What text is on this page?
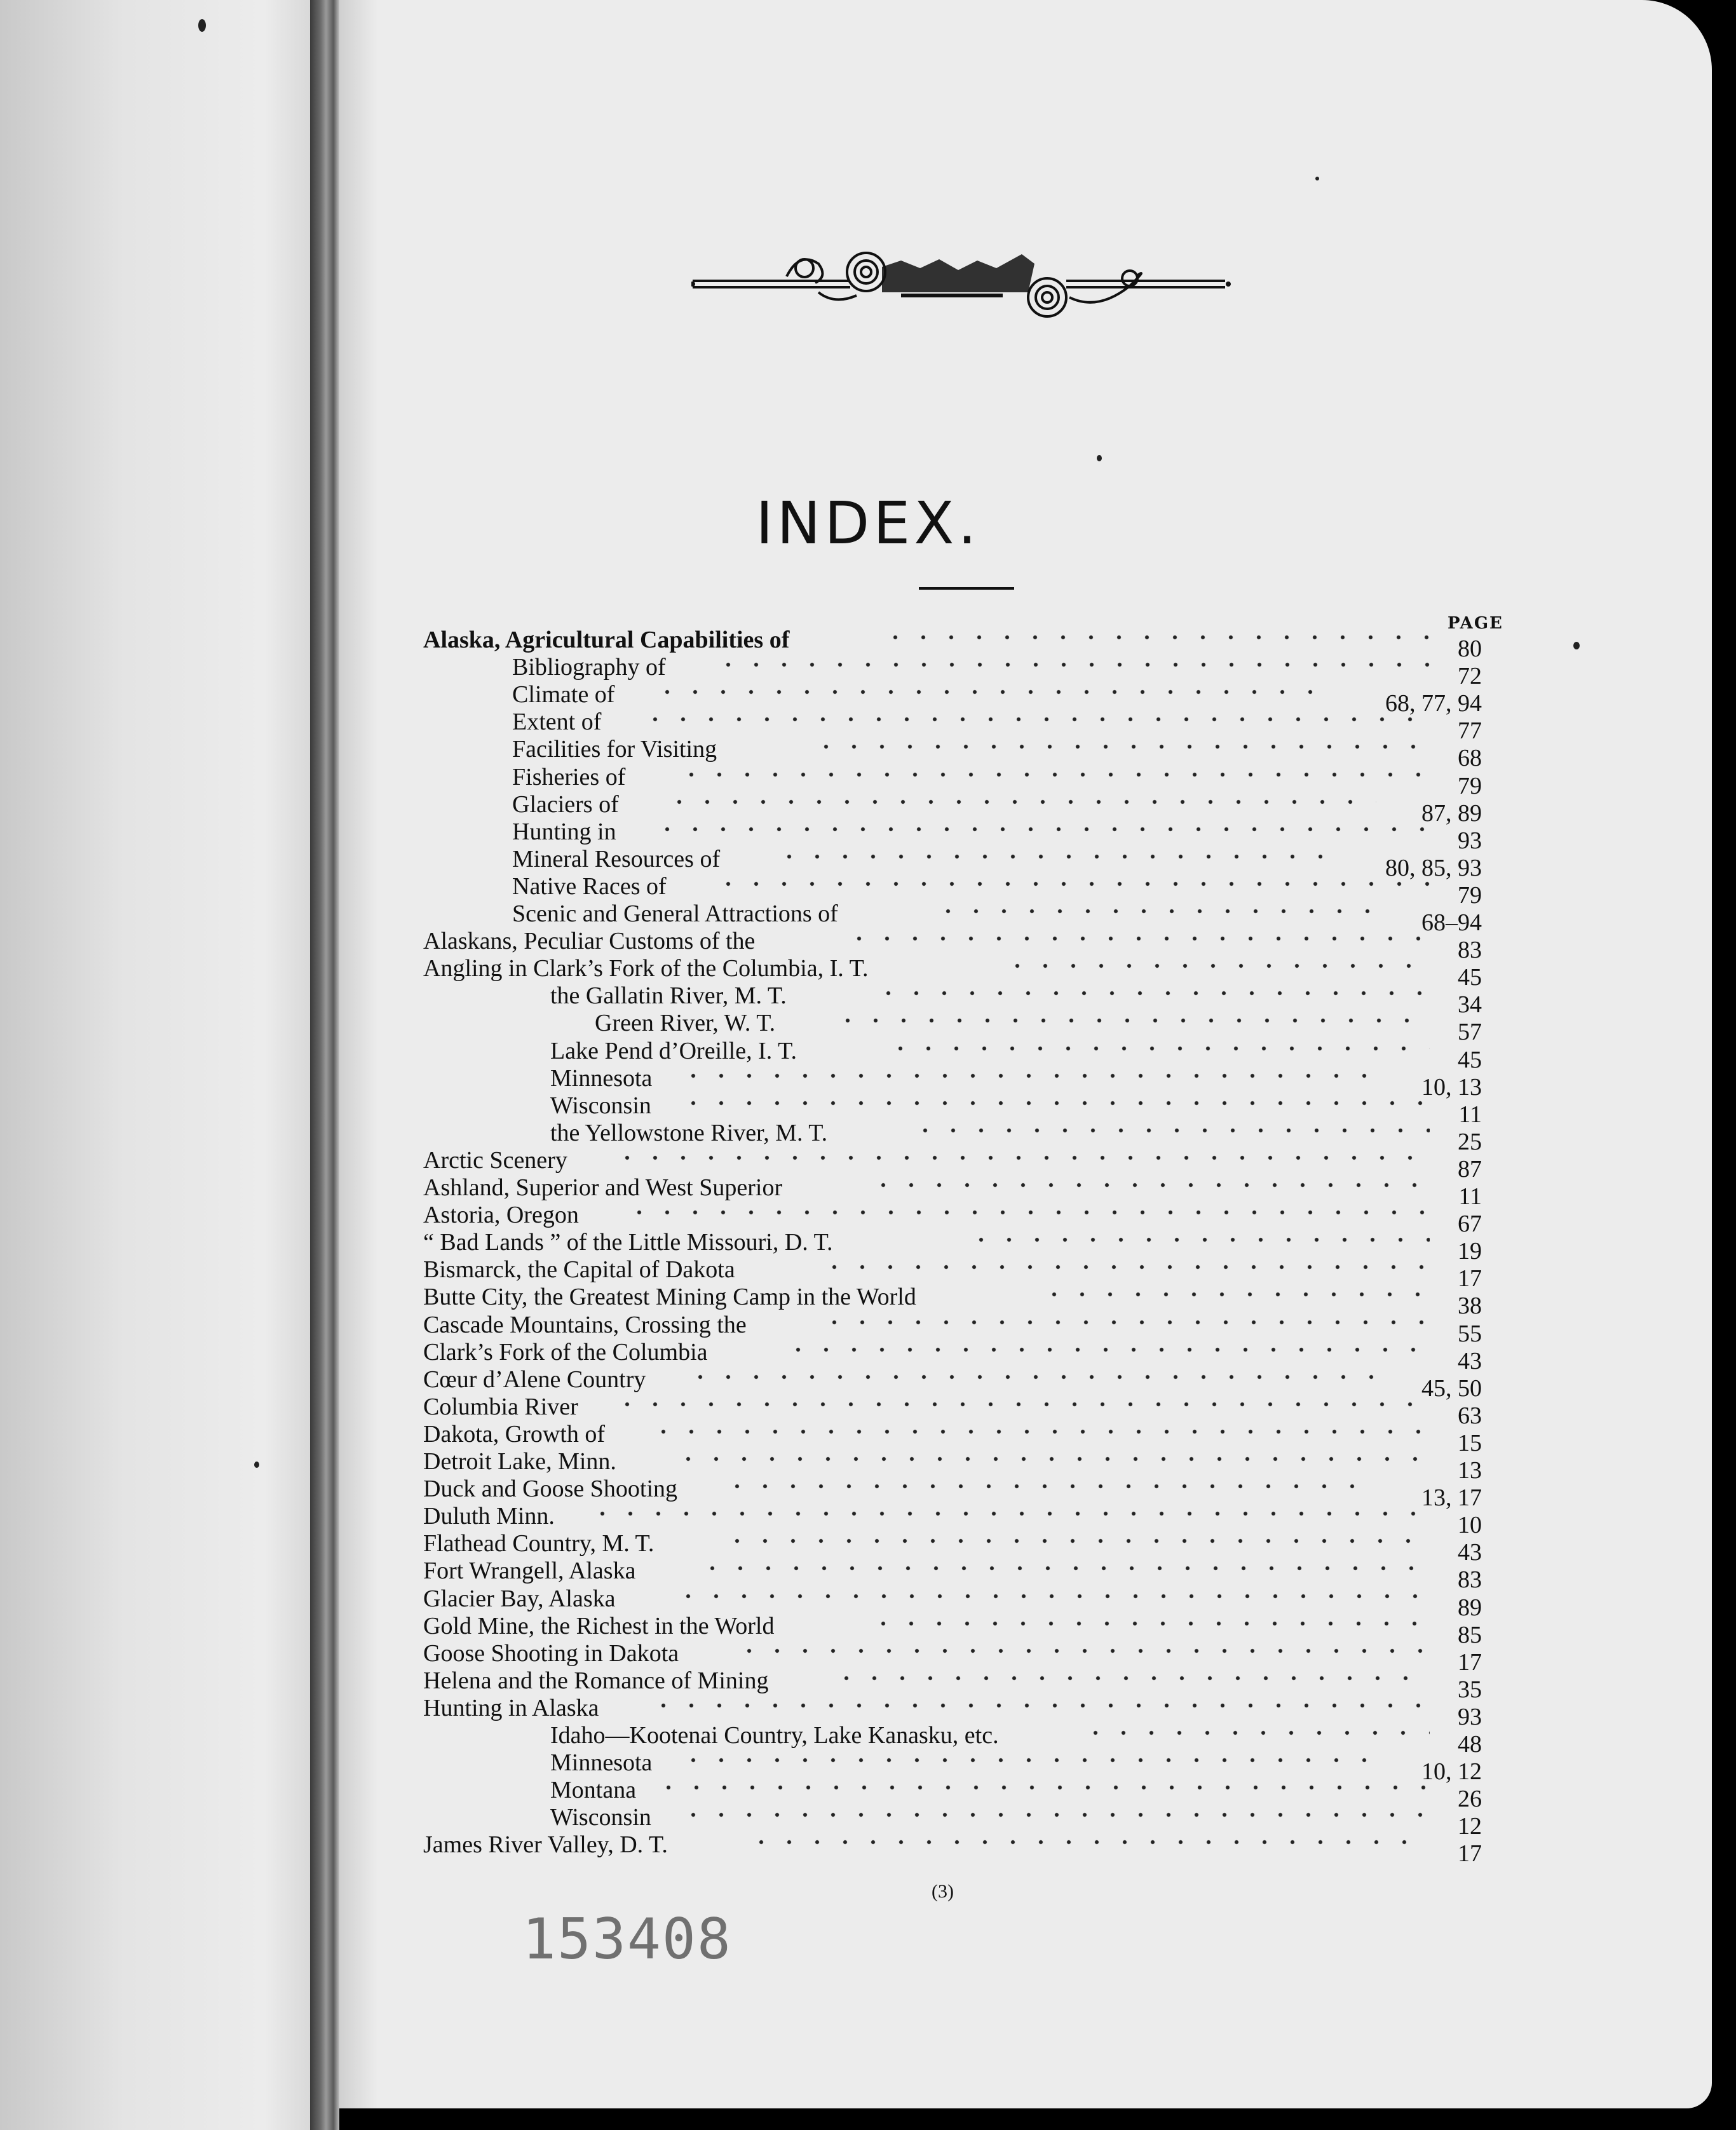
INDEX.
PAGE
Alaska, Agricultural Capabilities of	80
Bibliography of	72
Climate of	68, 77, 94
Extent of	77
Facilities for Visiting	68
Fisheries of	79
Glaciers of	87, 89
Hunting in	93
Mineral Resources of	80, 85, 93
Native Races of	79
Scenic and General Attractions of	68–94
Alaskans, Peculiar Customs of the	83
Angling in Clark’s Fork of the Columbia, I. T.	45
the Gallatin River, M. T.	34
Green River, W. T.	57
Lake Pend d’Oreille, I. T.	45
Minnesota	10, 13
Wisconsin	11
the Yellowstone River, M. T.	25
Arctic Scenery	87
Ashland, Superior and West Superior	11
Astoria, Oregon	67
“ Bad Lands ” of the Little Missouri, D. T.	19
Bismarck, the Capital of Dakota	17
Butte City, the Greatest Mining Camp in the World	38
Cascade Mountains, Crossing the	55
Clark’s Fork of the Columbia	43
Cœur d’Alene Country	45, 50
Columbia River	63
Dakota, Growth of	15
Detroit Lake, Minn.	13
Duck and Goose Shooting	13, 17
Duluth Minn.	10
Flathead Country, M. T.	43
Fort Wrangell, Alaska	83
Glacier Bay, Alaska	89
Gold Mine, the Richest in the World	85
Goose Shooting in Dakota	17
Helena and the Romance of Mining	35
Hunting in Alaska	93
Idaho—Kootenai Country, Lake Kanasku, etc.	48
Minnesota	10, 12
Montana	26
Wisconsin	12
James River Valley, D. T.	17
(3)
153408
